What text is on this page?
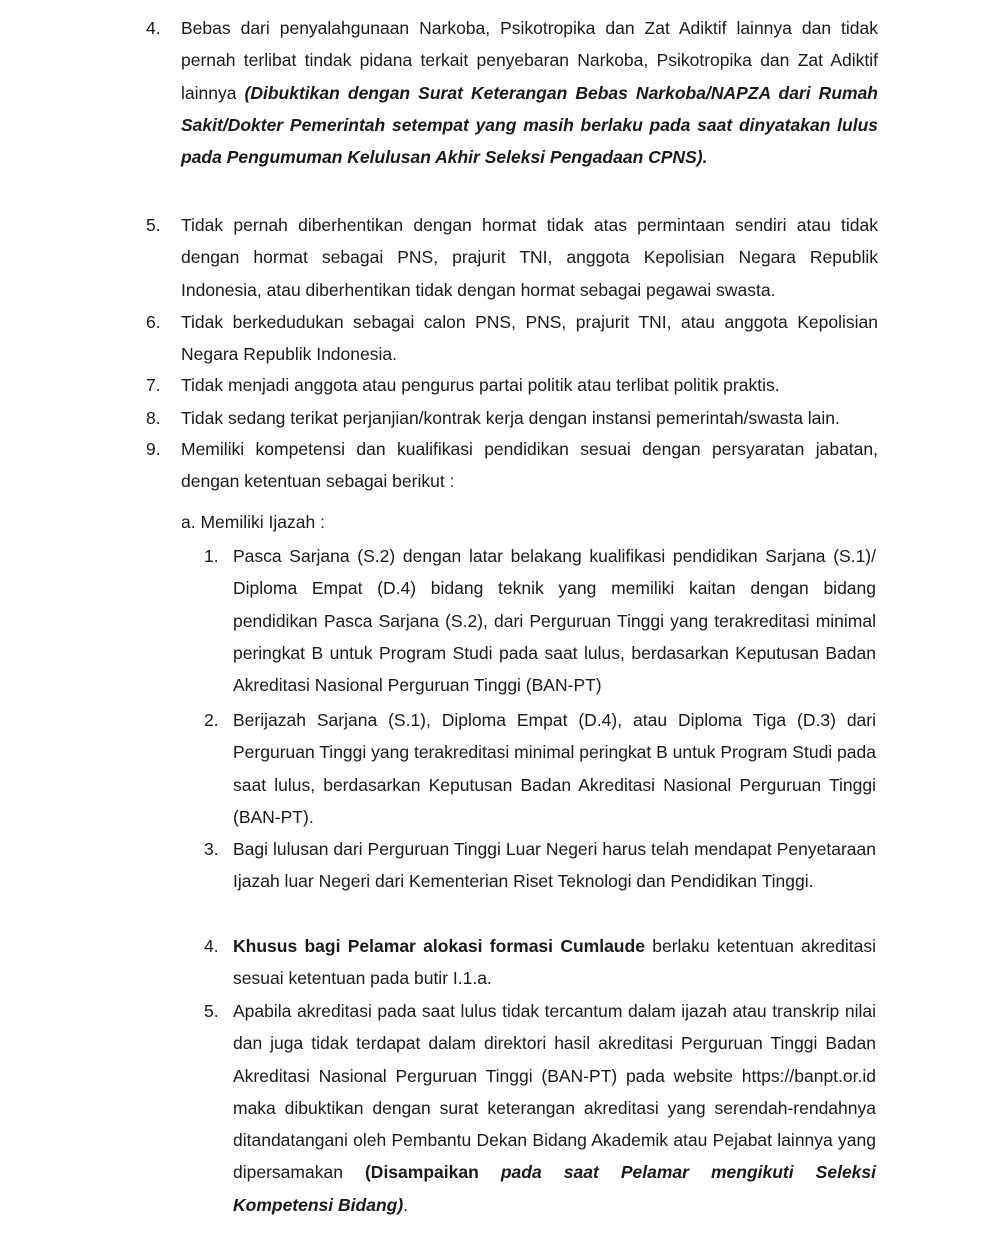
4. Bebas dari penyalahgunaan Narkoba, Psikotropika dan Zat Adiktif lainnya dan tidak pernah terlibat tindak pidana terkait penyebaran Narkoba, Psikotropika dan Zat Adiktif lainnya (Dibuktikan dengan Surat Keterangan Bebas Narkoba/NAPZA dari Rumah Sakit/Dokter Pemerintah setempat yang masih berlaku pada saat dinyatakan lulus pada Pengumuman Kelulusan Akhir Seleksi Pengadaan CPNS).
5. Tidak pernah diberhentikan dengan hormat tidak atas permintaan sendiri atau tidak dengan hormat sebagai PNS, prajurit TNI, anggota Kepolisian Negara Republik Indonesia, atau diberhentikan tidak dengan hormat sebagai pegawai swasta.
6. Tidak berkedudukan sebagai calon PNS, PNS, prajurit TNI, atau anggota Kepolisian Negara Republik Indonesia.
7. Tidak menjadi anggota atau pengurus partai politik atau terlibat politik praktis.
8. Tidak sedang terikat perjanjian/kontrak kerja dengan instansi pemerintah/swasta lain.
9. Memiliki kompetensi dan kualifikasi pendidikan sesuai dengan persyaratan jabatan, dengan ketentuan sebagai berikut :
a. Memiliki Ijazah :
1. Pasca Sarjana (S.2) dengan latar belakang kualifikasi pendidikan Sarjana (S.1)/ Diploma Empat (D.4) bidang teknik yang memiliki kaitan dengan bidang pendidikan Pasca Sarjana (S.2), dari Perguruan Tinggi yang terakreditasi minimal peringkat B untuk Program Studi pada saat lulus, berdasarkan Keputusan Badan Akreditasi Nasional Perguruan Tinggi (BAN-PT)
2. Berijazah Sarjana (S.1), Diploma Empat (D.4), atau Diploma Tiga (D.3) dari Perguruan Tinggi yang terakreditasi minimal peringkat B untuk Program Studi pada saat lulus, berdasarkan Keputusan Badan Akreditasi Nasional Perguruan Tinggi (BAN-PT).
3. Bagi lulusan dari Perguruan Tinggi Luar Negeri harus telah mendapat Penyetaraan Ijazah luar Negeri dari Kementerian Riset Teknologi dan Pendidikan Tinggi.
4. Khusus bagi Pelamar alokasi formasi Cumlaude berlaku ketentuan akreditasi sesuai ketentuan pada butir I.1.a.
5. Apabila akreditasi pada saat lulus tidak tercantum dalam ijazah atau transkrip nilai dan juga tidak terdapat dalam direktori hasil akreditasi Perguruan Tinggi Badan Akreditasi Nasional Perguruan Tinggi (BAN-PT) pada website https://banpt.or.id maka dibuktikan dengan surat keterangan akreditasi yang serendah-rendahnya ditandatangani oleh Pembantu Dekan Bidang Akademik atau Pejabat lainnya yang dipersamakan (Disampaikan pada saat Pelamar mengikuti Seleksi Kompetensi Bidang).
